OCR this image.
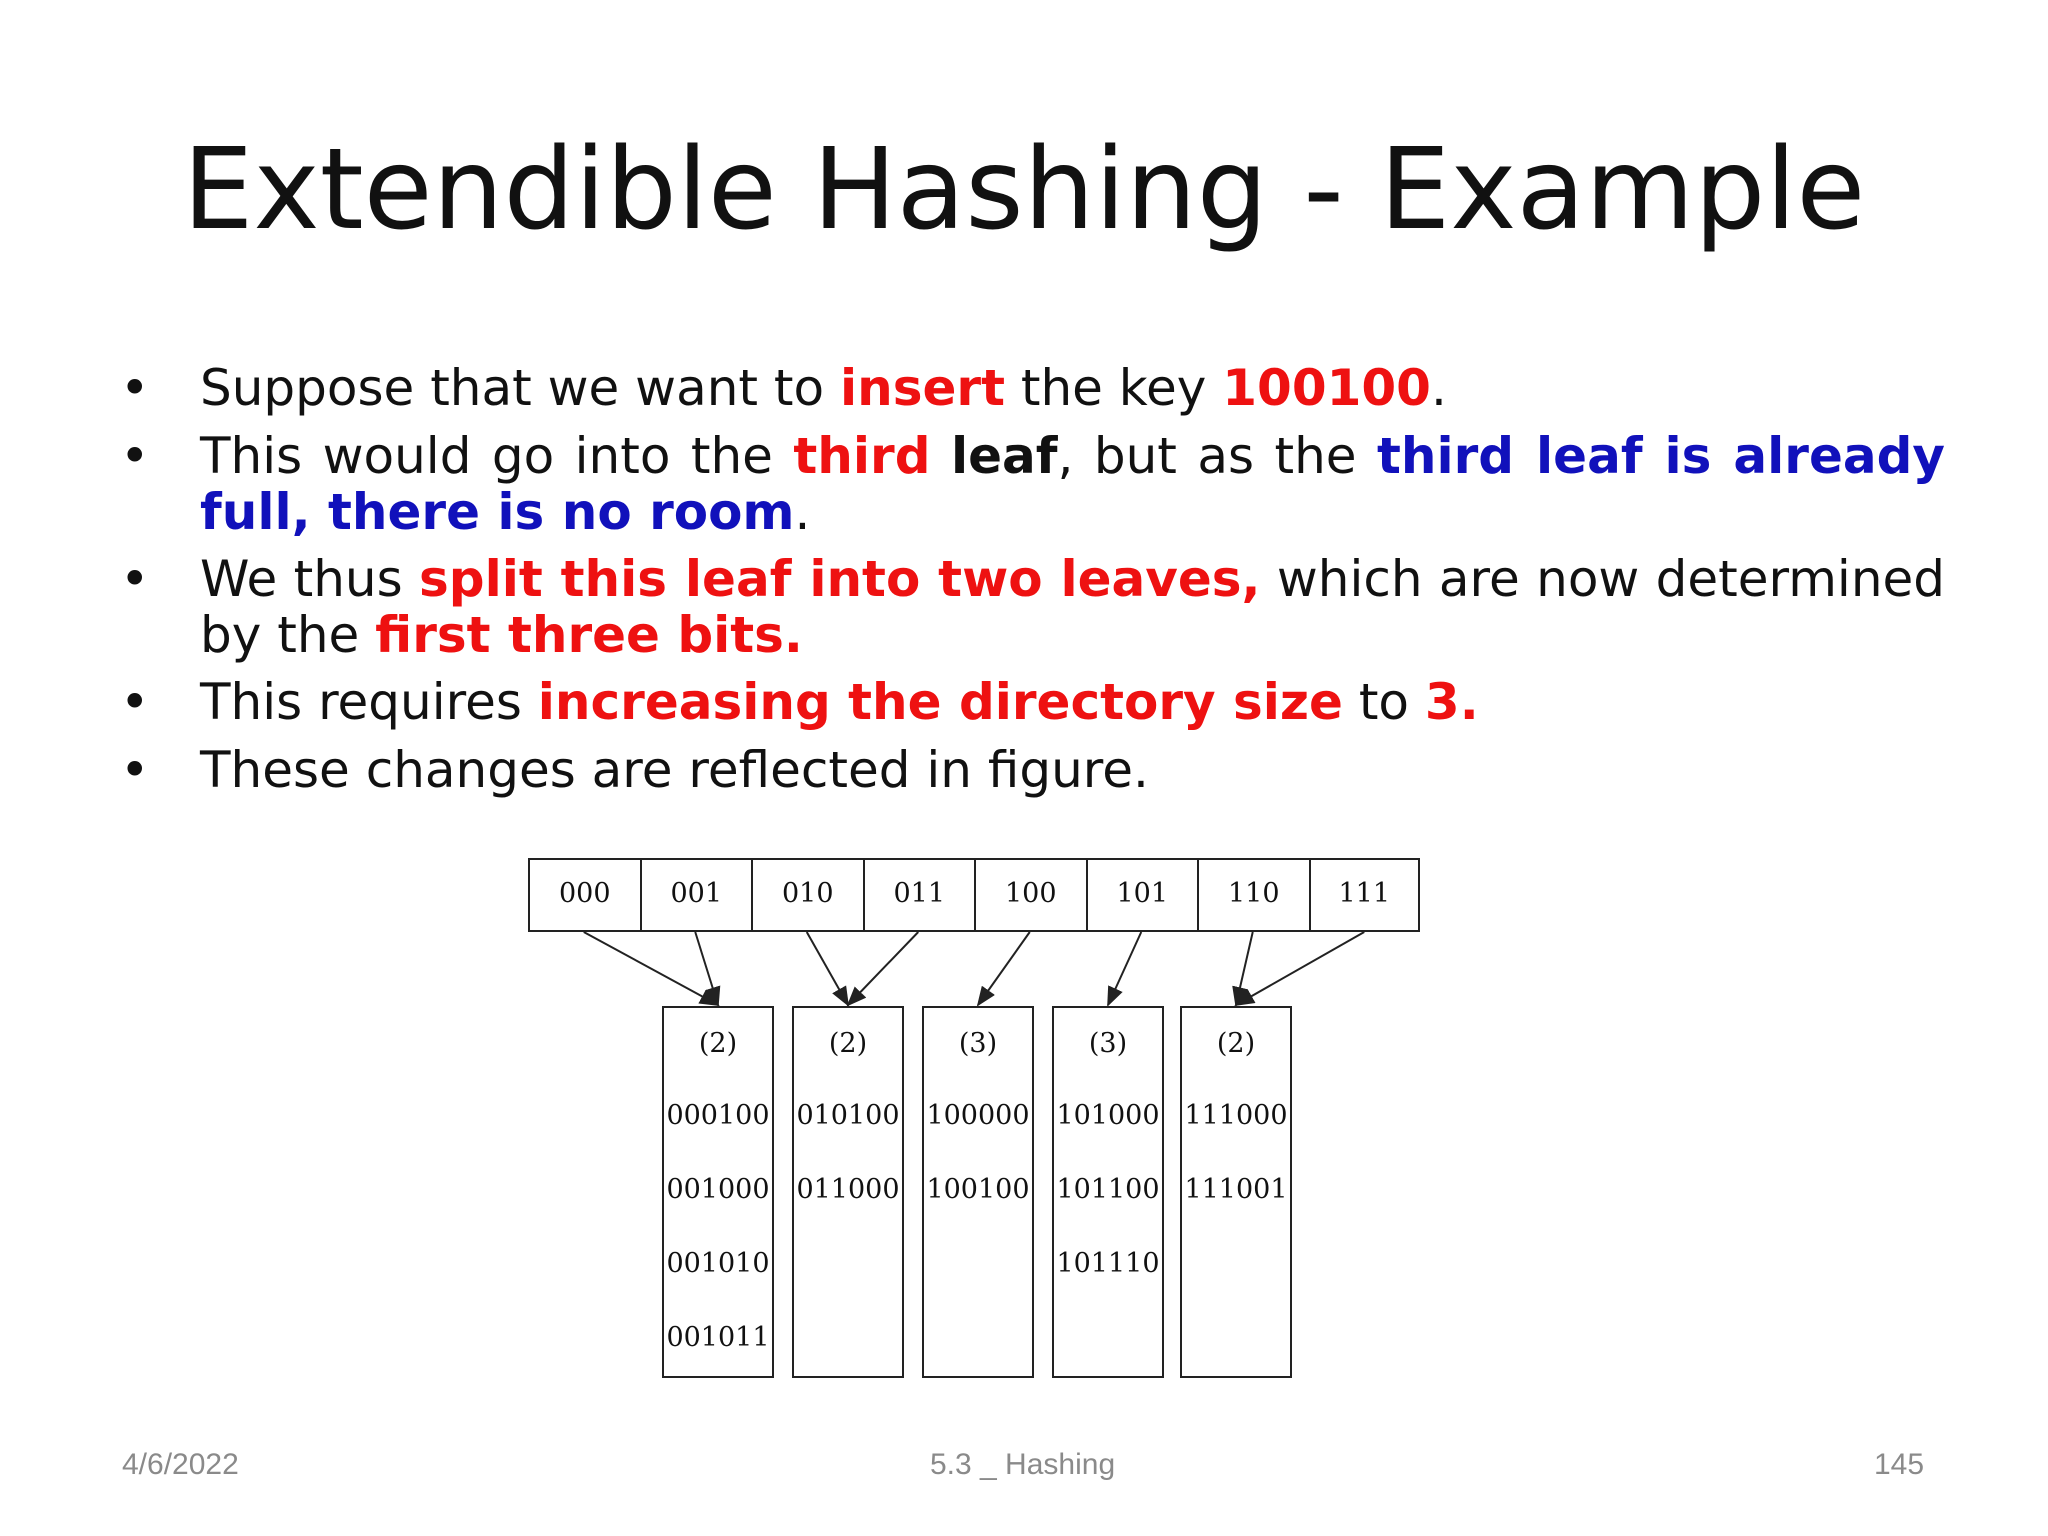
Extendible Hashing - Example
• Suppose that we want to insert the key 100100.
• This would go into the third leaf, but as the third leaf is already full, there is no room.
• We thus split this leaf into two leaves, which are now determined by the first three bits.
• This requires increasing the directory size to 3.
• These changes are reflected in figure.
000	001	010	011	100	101	110	111
(2)
000100
001000
001010
001011
(2)
010100
011000
(3)
100000
100100
(3)
101000
101100
101110
(2)
111000
111001
4/6/2022	5.3 _ Hashing	145
